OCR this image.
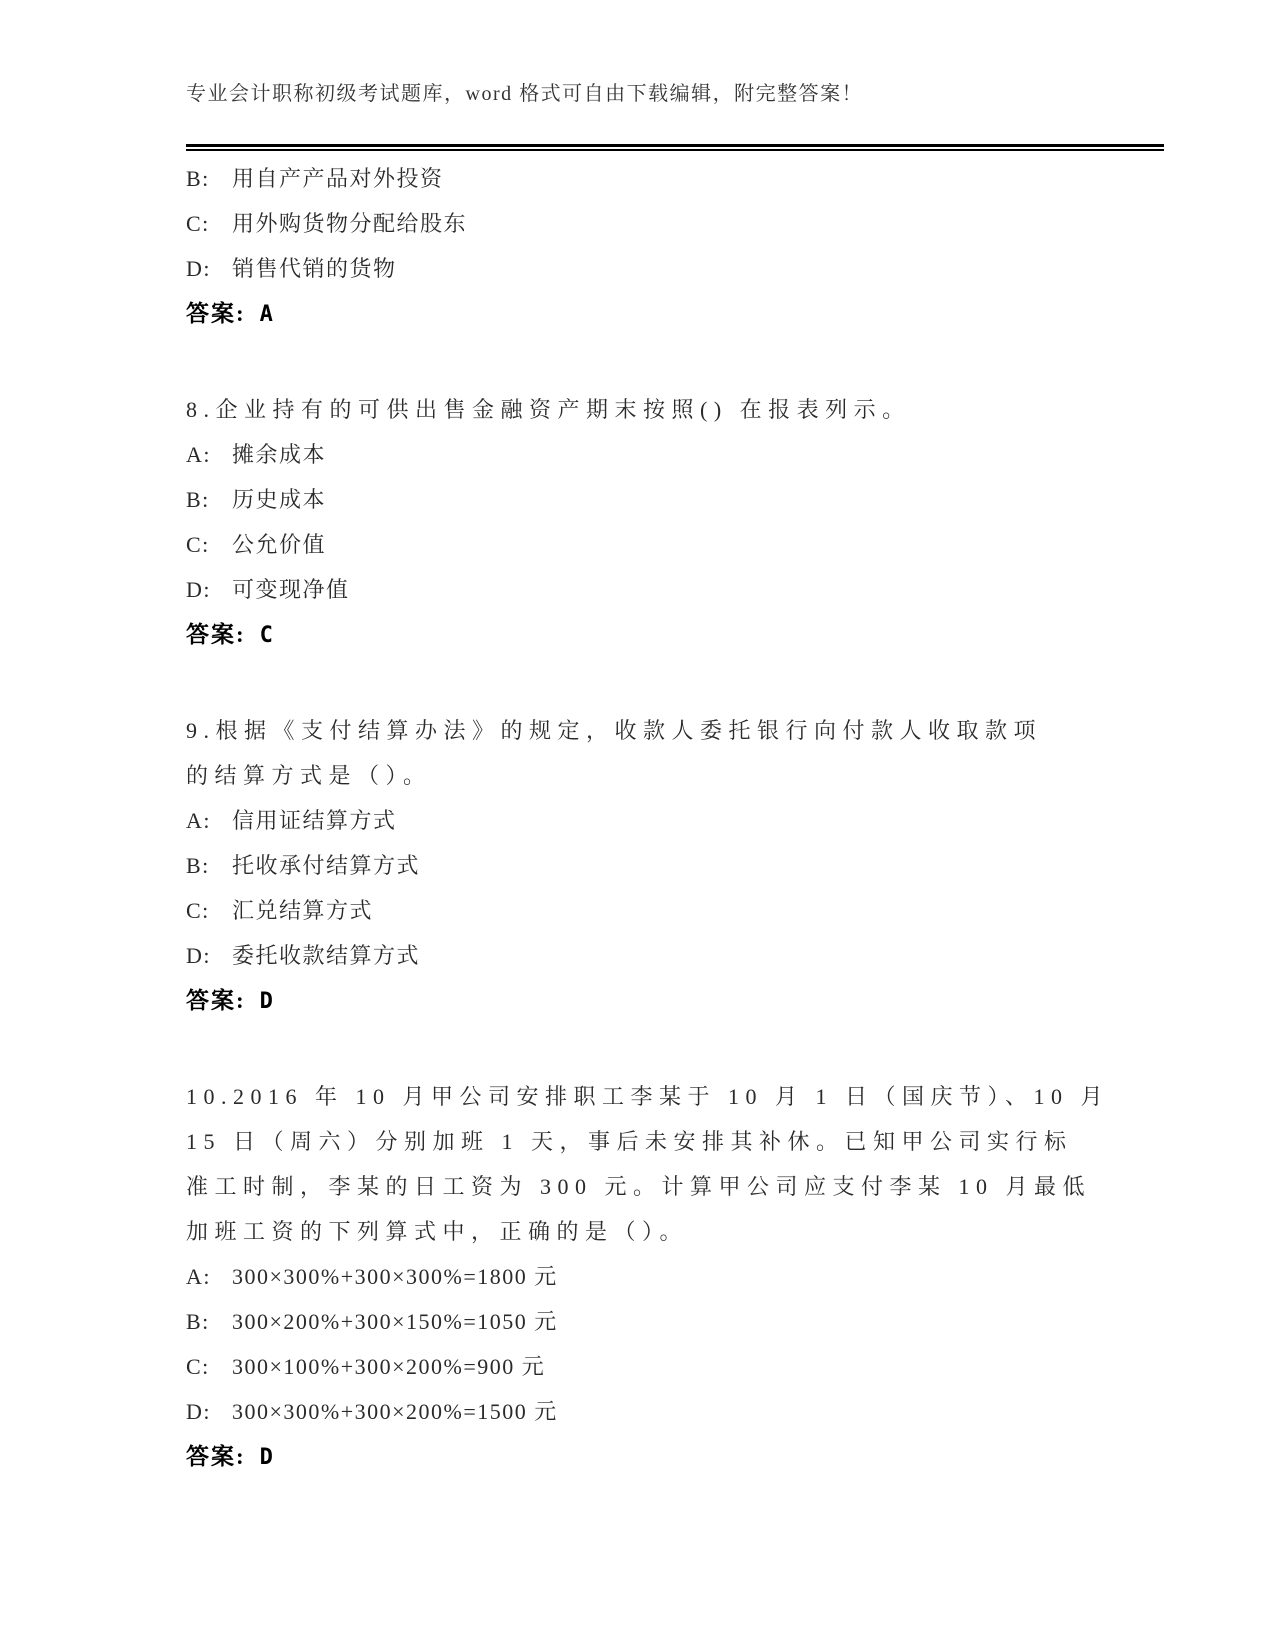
专业会计职称初级考试题库，word 格式可自由下载编辑，附完整答案！

B: 用自产产品对外投资
C: 用外购货物分配给股东
D: 销售代销的货物
答案: A
8.企业持有的可供出售金融资产期末按照() 在报表列示。
A: 摊余成本
B: 历史成本
C: 公允价值
D: 可变现净值
答案: C
9.根据《支付结算办法》的规定，收款人委托银行向付款人收取款项
的结算方式是（）。
A: 信用证结算方式
B: 托收承付结算方式
C: 汇兑结算方式
D: 委托收款结算方式
答案: D
10.2016 年 10 月甲公司安排职工李某于 10 月 1 日（国庆节）、10 月
15 日（周六）分别加班 1 天，事后未安排其补休。已知甲公司实行标
准工时制，李某的日工资为 300 元。计算甲公司应支付李某 10 月最低
加班工资的下列算式中，正确的是（）。
A: 300×300%+300×300%=1800 元
B: 300×200%+300×150%=1050 元
C: 300×100%+300×200%=900 元
D: 300×300%+300×200%=1500 元
答案: D
